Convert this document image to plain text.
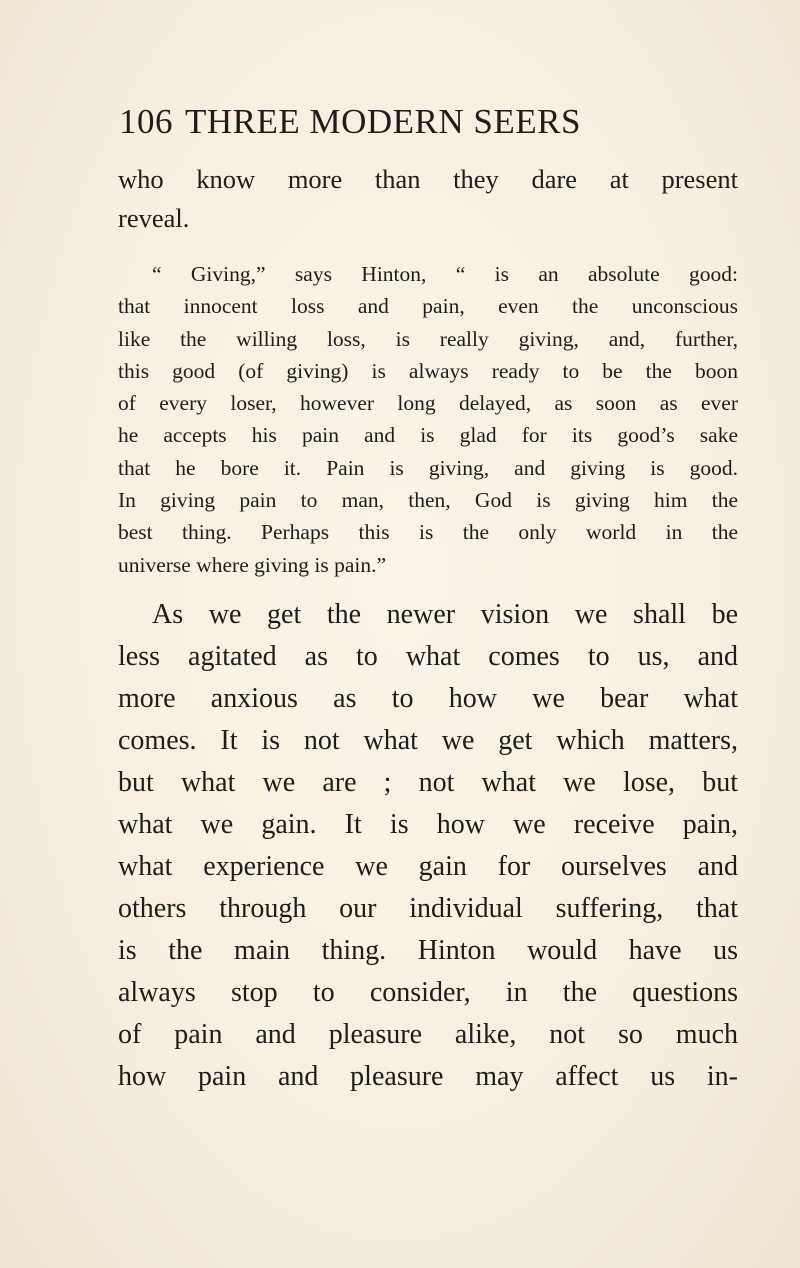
106 THREE MODERN SEERS
who know more than they dare at present
reveal.
“ Giving,” says Hinton, “ is an absolute good:
that innocent loss and pain, even the unconscious
like the willing loss, is really giving, and, further,
this good (of giving) is always ready to be the boon
of every loser, however long delayed, as soon as ever
he accepts his pain and is glad for its good’s sake
that he bore it. Pain is giving, and giving is good.
In giving pain to man, then, God is giving him the
best thing. Perhaps this is the only world in the
universe where giving is pain.”
As we get the newer vision we shall be
less agitated as to what comes to us, and
more anxious as to how we bear what
comes. It is not what we get which matters,
but what we are ; not what we lose, but
what we gain. It is how we receive pain,
what experience we gain for ourselves and
others through our individual suffering, that
is the main thing. Hinton would have us
always stop to consider, in the questions
of pain and pleasure alike, not so much
how pain and pleasure may affect us in-
